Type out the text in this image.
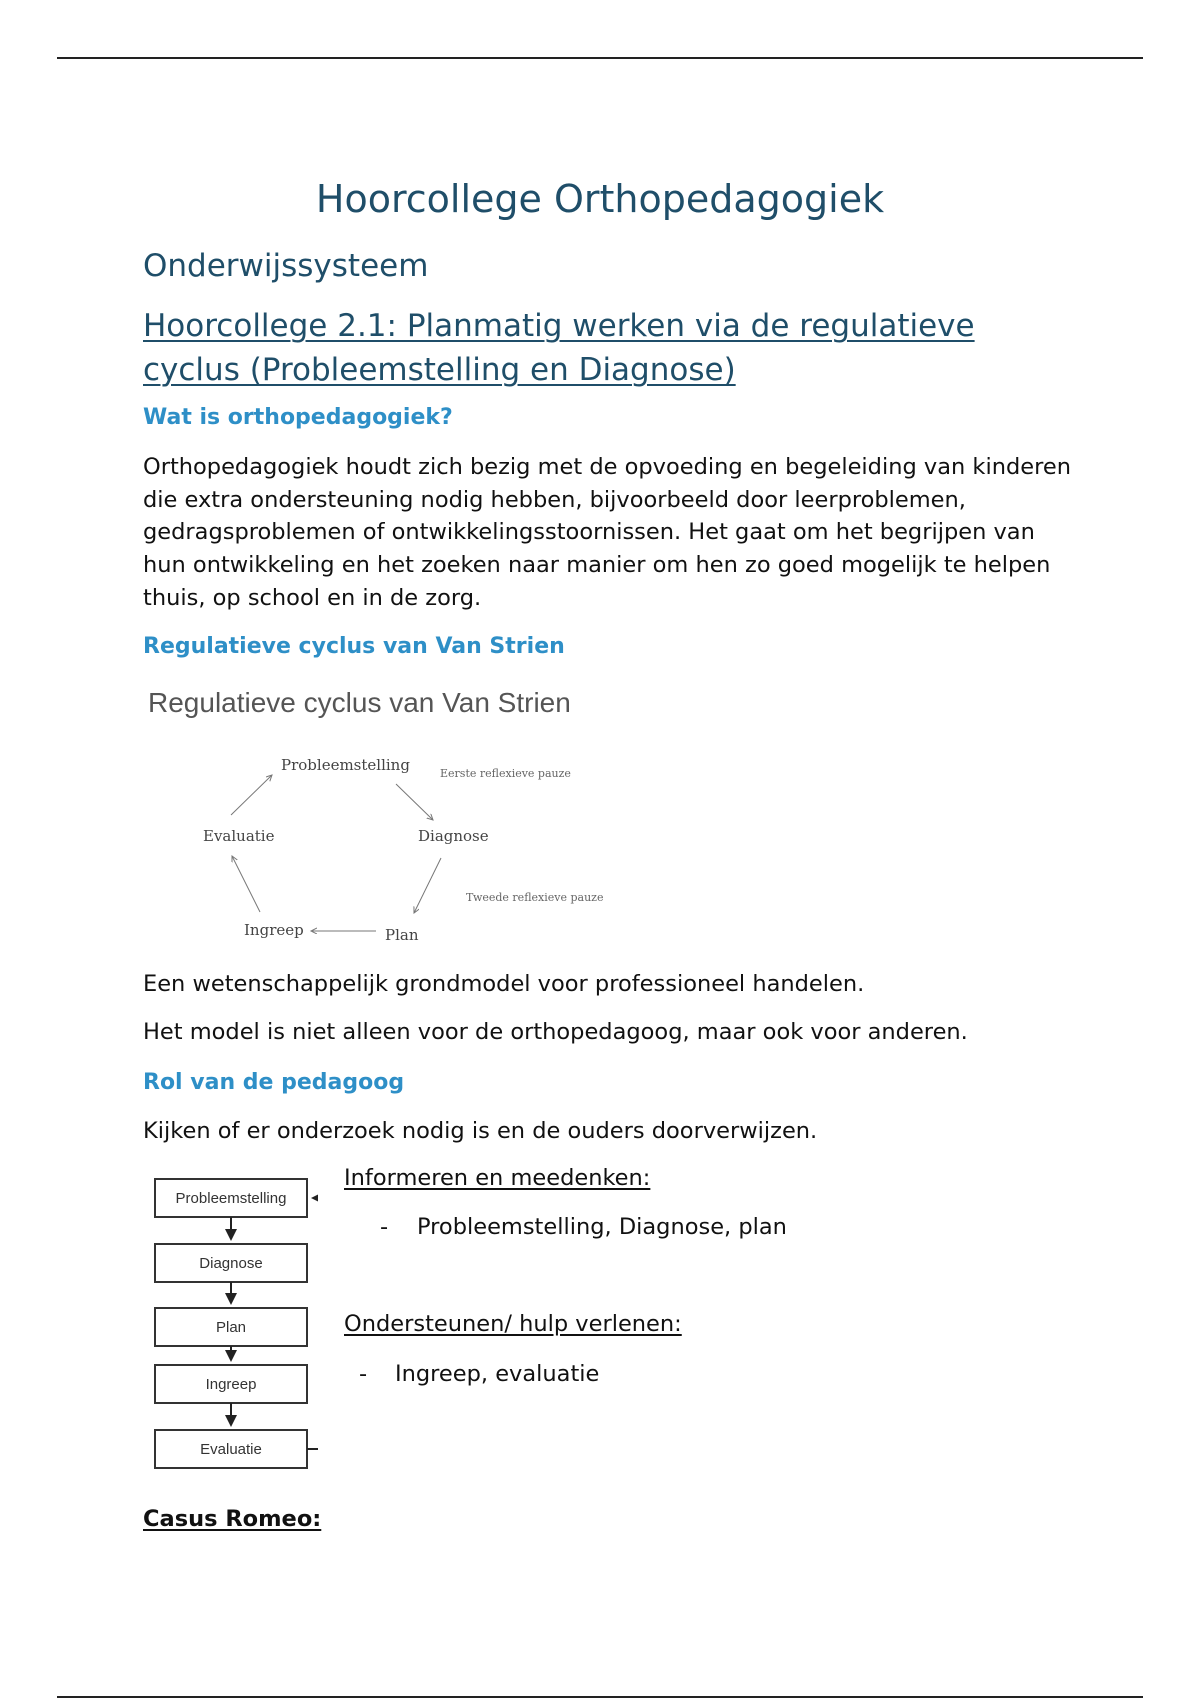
Hoorcollege Orthopedagogiek
Onderwijssysteem
Hoorcollege 2.1: Planmatig werken via de regulatieve cyclus (Probleemstelling en Diagnose)
Wat is orthopedagogiek?
Orthopedagogiek houdt zich bezig met de opvoeding en begeleiding van kinderen die extra ondersteuning nodig hebben, bijvoorbeeld door leerproblemen, gedragsproblemen of ontwikkelingsstoornissen. Het gaat om het begrijpen van hun ontwikkeling en het zoeken naar manier om hen zo goed mogelijk te helpen thuis, op school en in de zorg.
Regulatieve cyclus van Van Strien
Regulatieve cyclus van Van Strien
Probleemstelling
Diagnose
Plan
Ingreep
Evaluatie
Eerste reflexieve pauze
Tweede reflexieve pauze
Een wetenschappelijk grondmodel voor professioneel handelen.
Het model is niet alleen voor de orthopedagoog, maar ook voor anderen.
Rol van de pedagoog
Kijken of er onderzoek nodig is en de ouders doorverwijzen.
Probleemstelling
Diagnose
Plan
Ingreep
Evaluatie
Informeren en meedenken:
- Probleemstelling, Diagnose, plan
Ondersteunen/ hulp verlenen:
- Ingreep, evaluatie
Casus Romeo:
